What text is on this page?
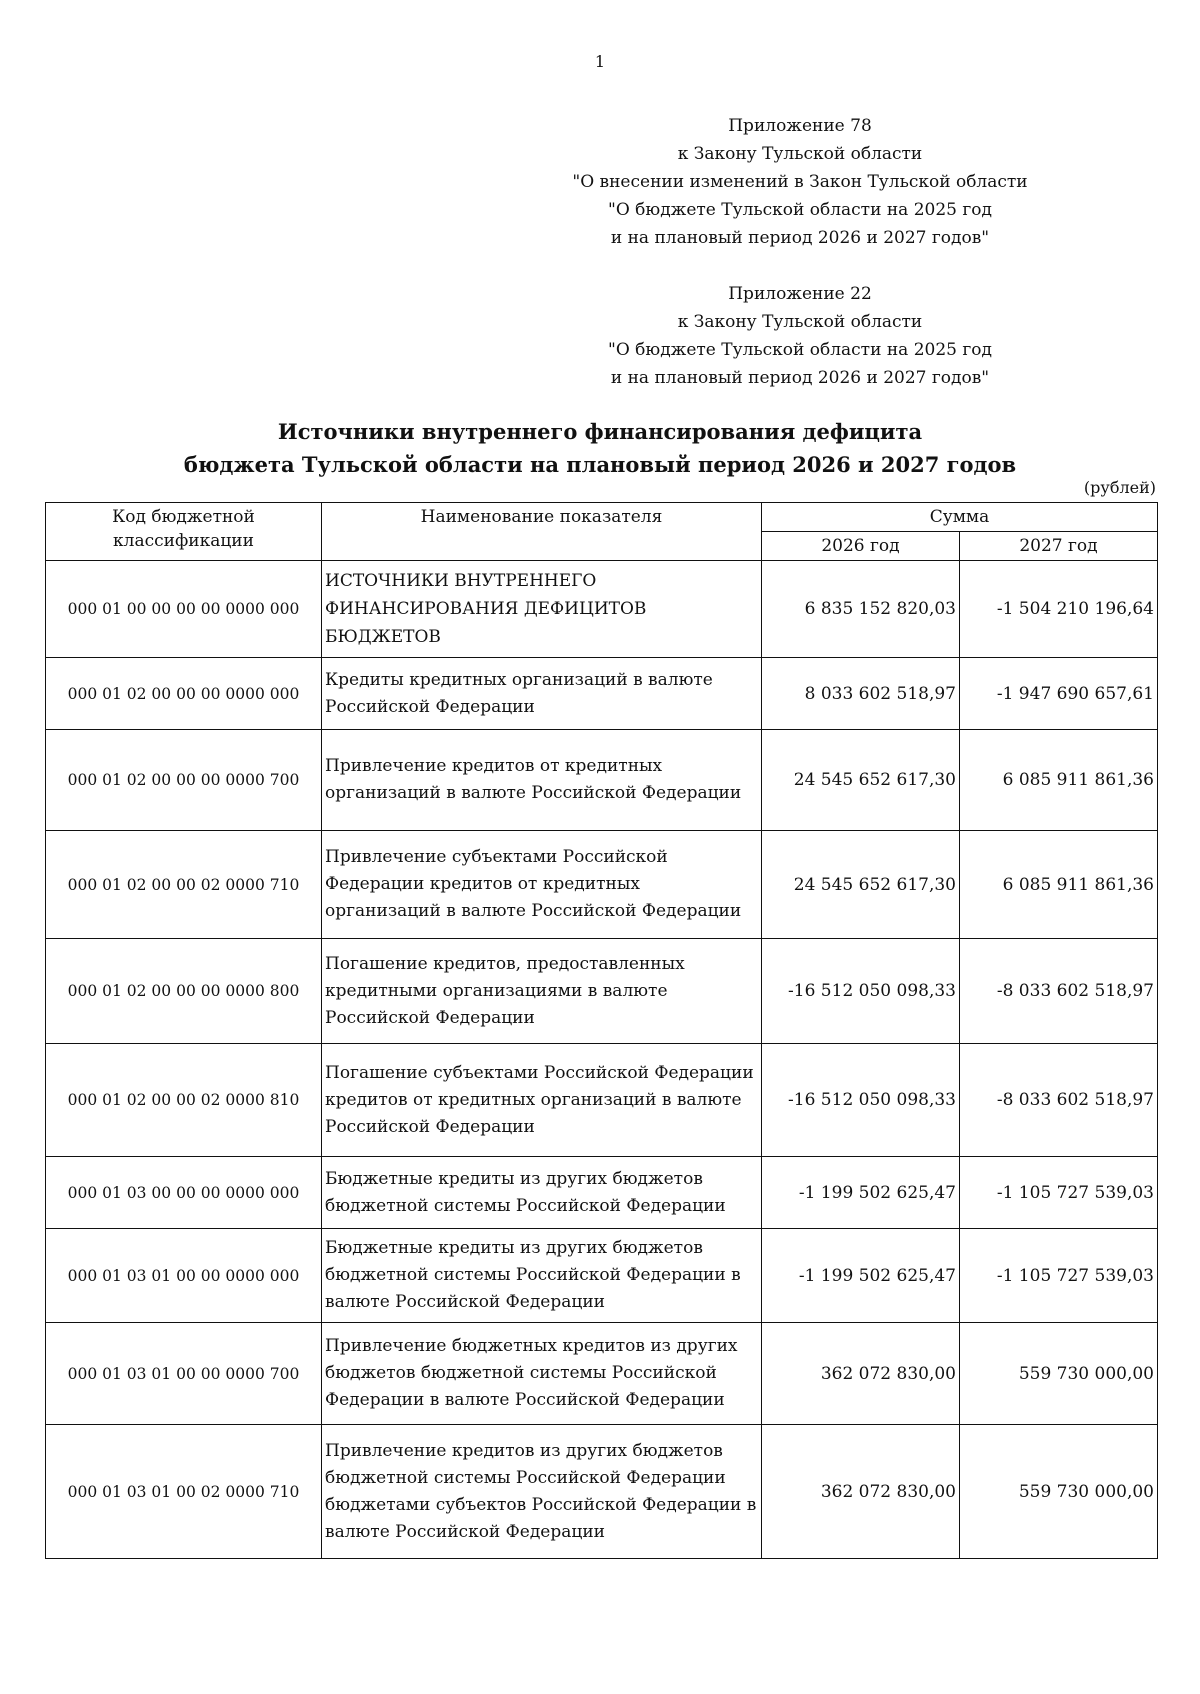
1
Приложение 78
к Закону Тульской области
"О внесении изменений в Закон Тульской области
"О бюджете Тульской области на 2025 год
и на плановый период 2026 и 2027 годов"
Приложение 22
к Закону Тульской области
"О бюджете Тульской области на 2025 год
и на плановый период 2026 и 2027 годов"
Источники внутреннего финансирования дефицита
бюджета Тульской области на плановый период 2026 и 2027 годов
(рублей)
Код бюджетной классификации	Наименование показателя	Сумма	
		2026 год	2027 год
000 01 00 00 00 00 0000 000	ИСТОЧНИКИ ВНУТРЕННЕГО ФИНАНСИРОВАНИЯ ДЕФИЦИТОВ БЮДЖЕТОВ	6 835 152 820,03	-1 504 210 196,64
000 01 02 00 00 00 0000 000	Кредиты кредитных организаций в валюте Российской Федерации	8 033 602 518,97	-1 947 690 657,61
000 01 02 00 00 00 0000 700	Привлечение кредитов от кредитных организаций в валюте Российской Федерации	24 545 652 617,30	6 085 911 861,36
000 01 02 00 00 02 0000 710	Привлечение субъектами Российской Федерации кредитов от кредитных организаций в валюте Российской Федерации	24 545 652 617,30	6 085 911 861,36
000 01 02 00 00 00 0000 800	Погашение кредитов, предоставленных кредитными организациями в валюте Российской Федерации	-16 512 050 098,33	-8 033 602 518,97
000 01 02 00 00 02 0000 810	Погашение субъектами Российской Федерации кредитов от кредитных организаций в валюте Российской Федерации	-16 512 050 098,33	-8 033 602 518,97
000 01 03 00 00 00 0000 000	Бюджетные кредиты из других бюджетов бюджетной системы Российской Федерации	-1 199 502 625,47	-1 105 727 539,03
000 01 03 01 00 00 0000 000	Бюджетные кредиты из других бюджетов бюджетной системы Российской Федерации в валюте Российской Федерации	-1 199 502 625,47	-1 105 727 539,03
000 01 03 01 00 00 0000 700	Привлечение бюджетных кредитов из других бюджетов бюджетной системы Российской Федерации в валюте Российской Федерации	362 072 830,00	559 730 000,00
000 01 03 01 00 02 0000 710	Привлечение кредитов из других бюджетов бюджетной системы Российской Федерации бюджетами субъектов Российской Федерации в валюте Российской Федерации	362 072 830,00	559 730 000,00
